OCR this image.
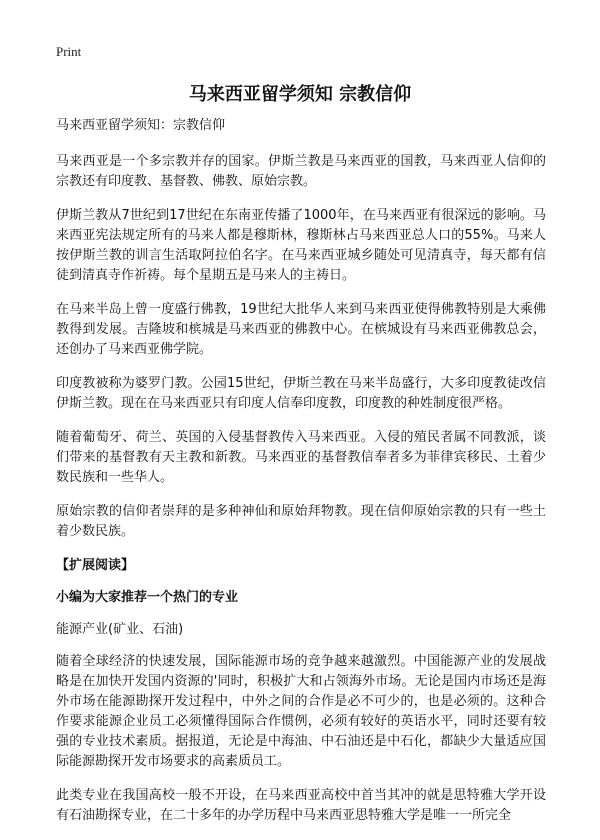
Print
马来西亚留学须知 宗教信仰

马来西亚留学须知：宗教信仰

马来西亚是一个多宗教并存的国家。伊斯兰教是马来西亚的国教，马来西亚人信仰的宗教还有印度教、基督教、佛教、原始宗教。

伊斯兰教从7世纪到17世纪在东南亚传播了1000年，在马来西亚有很深远的影响。马来西亚宪法规定所有的马来人都是穆斯林，穆斯林占马来西亚总人口的55%。马来人按伊斯兰教的训言生活取阿拉伯名字。在马来西亚城乡随处可见清真寺，每天都有信徒到清真寺作祈祷。每个星期五是马来人的主祷日。

在马来半岛上曾一度盛行佛教，19世纪大批华人来到马来西亚使得佛教特别是大乘佛教得到发展。吉隆坡和槟城是马来西亚的佛教中心。在槟城设有马来西亚佛教总会，还创办了马来西亚佛学院。

印度教被称为婆罗门教。公园15世纪，伊斯兰教在马来半岛盛行，大多印度教徒改信伊斯兰教。现在在马来西亚只有印度人信奉印度教，印度教的种姓制度很严格。

随着葡萄牙、荷兰、英国的入侵基督教传入马来西亚。入侵的殖民者属不同教派，谈们带来的基督教有天主教和新教。马来西亚的基督教信奉者多为菲律宾移民、土着少数民族和一些华人。

原始宗教的信仰者崇拜的是多种神仙和原始拜物教。现在信仰原始宗教的只有一些土着少数民族。

【扩展阅读】

小编为大家推荐一个热门的专业

能源产业(矿业、石油)

随着全球经济的快速发展，国际能源市场的竞争越来越激烈。中国能源产业的发展战略是在加快开发国内资源的'同时，积极扩大和占领海外市场。无论是国内市场还是海外市场在能源勘探开发过程中，中外之间的合作是必不可少的，也是必须的。这种合作要求能源企业员工必须懂得国际合作惯例，必须有较好的英语水平，同时还要有较强的专业技术素质。据报道，无论是中海油、中石油还是中石化，都缺少大量适应国际能源勘探开发市场要求的高素质员工。

此类专业在我国高校一般不开设，在马来西亚高校中首当其冲的就是思特雅大学开设有石油勘探专业，在二十多年的办学历程中马来西亚思特雅大学是唯一一所完全
